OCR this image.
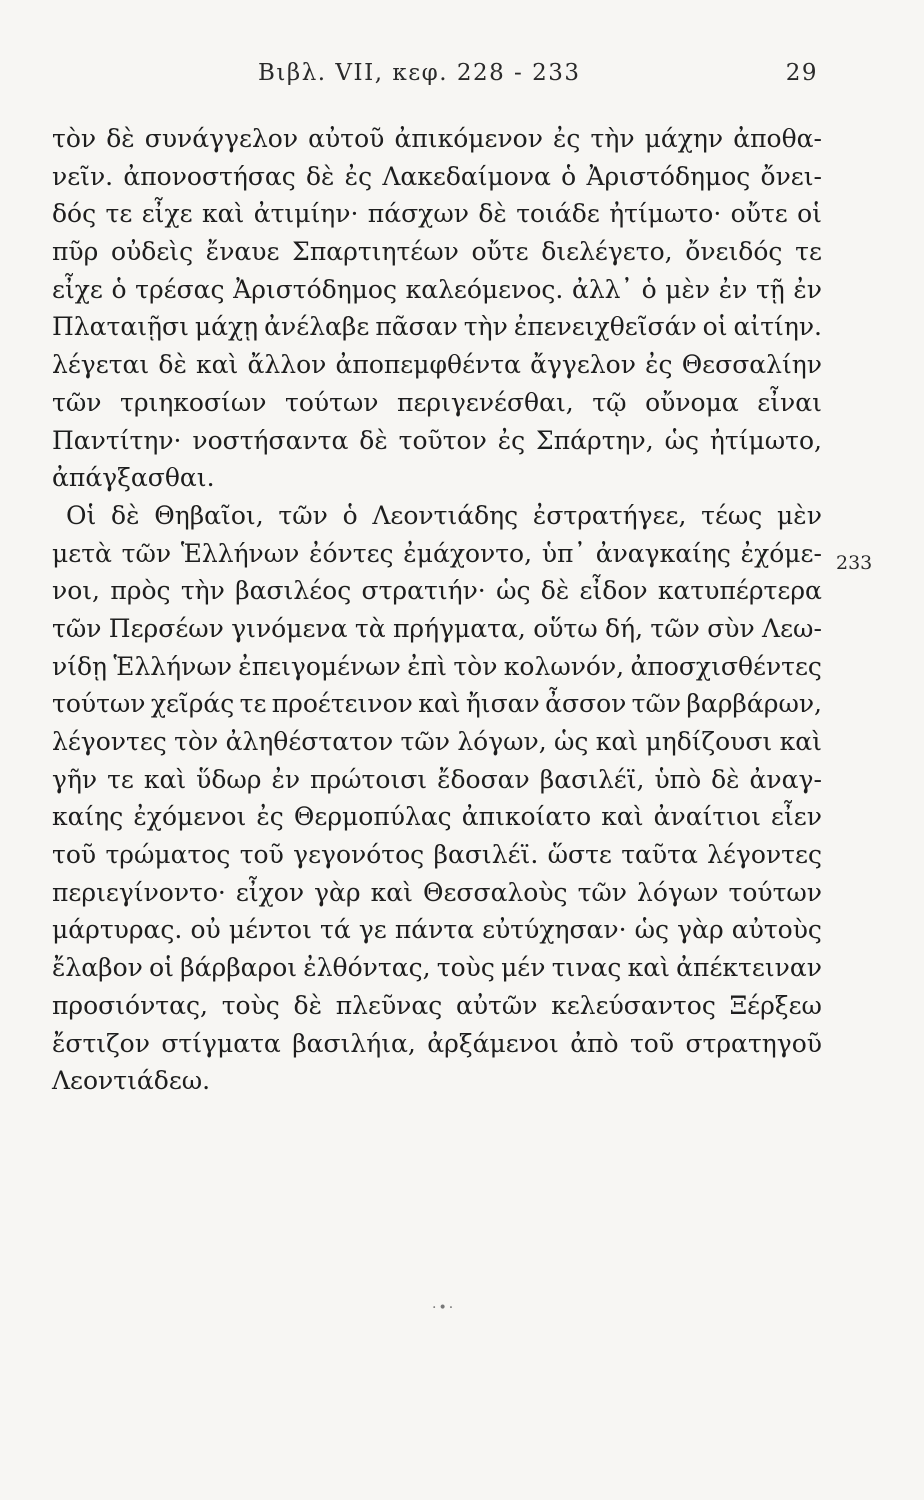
Βιβλ. VII, κεφ. 228 - 233	29
τὸν δὲ συνάγγελον αὐτοῦ ἀπικόμενον ἐς τὴν μάχην ἀποθα-
νεῖν. ἀπονοστήσας δὲ ἐς Λακεδαίμονα ὁ Ἀριστόδημος ὄνει-
δός τε εἶχε καὶ ἀτιμίην· πάσχων δὲ τοιάδε ἠτίμωτο· οὔτε οἱ
πῦρ οὐδεὶς ἔναυε Σπαρτιητέων οὔτε διελέγετο, ὄνειδός τε
εἶχε ὁ τρέσας Ἀριστόδημος καλεόμενος. ἀλλ᾽ ὁ μὲν ἐν τῇ ἐν
Πλαταιῇσι μάχῃ ἀνέλαβε πᾶσαν τὴν ἐπενειχθεῖσάν οἱ αἰτίην.
λέγεται δὲ καὶ ἄλλον ἀποπεμφθέντα ἄγγελον ἐς Θεσσαλίην
τῶν τριηκοσίων τούτων περιγενέσθαι, τῷ οὔνομα εἶναι
Παντίτην· νοστήσαντα δὲ τοῦτον ἐς Σπάρτην, ὡς ἠτίμωτο,
ἀπάγξασθαι.
Οἱ δὲ Θηβαῖοι, τῶν ὁ Λεοντιάδης ἐστρατήγεε, τέως μὲν
μετὰ τῶν Ἑλλήνων ἐόντες ἐμάχοντο, ὑπ᾽ ἀναγκαίης ἐχόμε-
νοι, πρὸς τὴν βασιλέος στρατιήν· ὡς δὲ εἶδον κατυπέρτερα
τῶν Περσέων γινόμενα τὰ πρήγματα, οὕτω δή, τῶν σὺν Λεω-
νίδῃ Ἑλλήνων ἐπειγομένων ἐπὶ τὸν κολωνόν, ἀποσχισθέντες
τούτων χεῖράς τε προέτεινον καὶ ἤισαν ἆσσον τῶν βαρβάρων,
λέγοντες τὸν ἀληθέστατον τῶν λόγων, ὡς καὶ μηδίζουσι καὶ
γῆν τε καὶ ὕδωρ ἐν πρώτοισι ἔδοσαν βασιλέϊ, ὑπὸ δὲ ἀναγ-
καίης ἐχόμενοι ἐς Θερμοπύλας ἀπικοίατο καὶ ἀναίτιοι εἶεν
τοῦ τρώματος τοῦ γεγονότος βασιλέϊ. ὥστε ταῦτα λέγοντες
περιεγίνοντο· εἶχον γὰρ καὶ Θεσσαλοὺς τῶν λόγων τούτων
μάρτυρας. οὐ μέντοι τά γε πάντα εὐτύχησαν· ὡς γὰρ αὐτοὺς
ἔλαβον οἱ βάρβαροι ἐλθόντας, τοὺς μέν τινας καὶ ἀπέκτειναν
προσιόντας, τοὺς δὲ πλεῦνας αὐτῶν κελεύσαντος Ξέρξεω
ἔστιζον στίγματα βασιλήια, ἀρξάμενοι ἀπὸ τοῦ στρατηγοῦ
Λεοντιάδεω.
233
·•·
